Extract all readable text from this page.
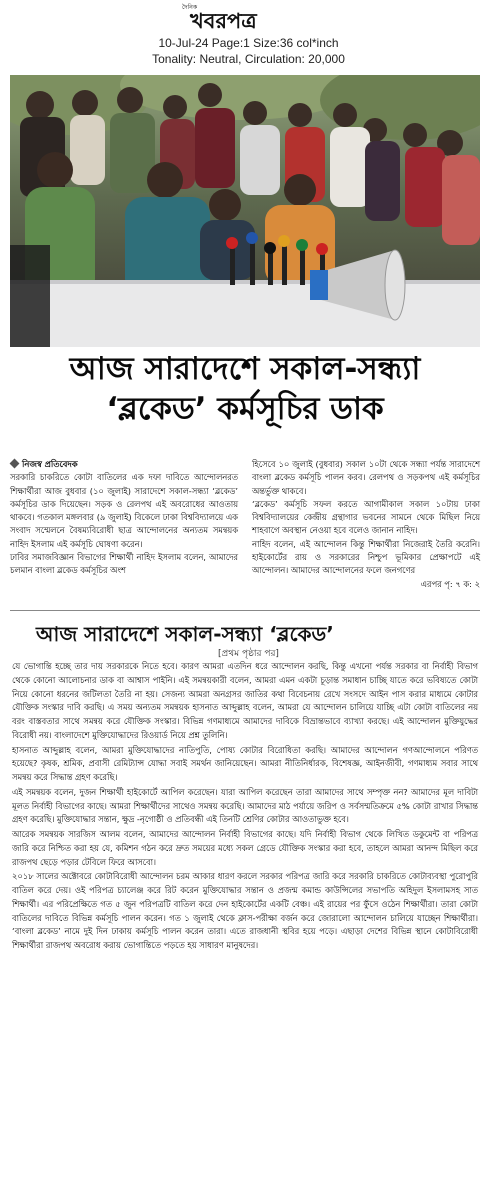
দৈনিক
খবরপত্র
10-Jul-24 Page:1 Size:36 col*inch
Tonality: Neutral, Circulation: 20,000
আজ সারাদেশে সকাল-সন্ধ্যা
‘ব্লকেড’ কর্মসূচির ডাক
নিজস্ব প্রতিবেদক
সরকারি চাকরিতে কোটা বাতিলের এক দফা দাবিতে আন্দোলনরত শিক্ষার্থীরা আজ বুধবার (১০ জুলাই) সারাদেশে সকাল-সন্ধ্যা ‘ব্লকেড’ কর্মসূচির ডাক দিয়েছেন। সড়ক ও রেলপথ এই অবরোধের আওতায় থাকবে। গতকাল মঙ্গলবার (৯ জুলাই) বিকেলে ঢাকা বিশ্ববিদ্যালয়ে এক সংবাদ সম্মেলনে বৈষম্যবিরোধী ছাত্র আন্দোলনের অন্যতম সমন্বয়ক নাহিদ ইসলাম এই কর্মসূচি ঘোষণা করেন।
ঢাবির সমাজবিজ্ঞান বিভাগের শিক্ষার্থী নাহিদ ইসলাম বলেন, আমাদের চলমান বাংলা ব্লকেড কর্মসূচির অংশ
হিসেবে ১০ জুলাই (বুধবার) সকাল ১০টা থেকে সন্ধ্যা পর্যন্ত সারাদেশে বাংলা ব্লকেড কর্মসূচি পালন করব। রেলপথ ও সড়কপথ এই কর্মসূচির অন্তর্ভুক্ত থাকবে।
‘ব্লকেড’ কর্মসূচি সফল করতে আগামীকাল সকাল ১০টায় ঢাকা বিশ্ববিদ্যালয়ের কেন্দ্রীয় গ্রন্থাগার ভবনের সামনে থেকে মিছিল নিয়ে শাহবাগে অবস্থান নেওয়া হবে বলেও জানান নাহিদ।
নাহিদ বলেন, এই আন্দোলন কিন্তু শিক্ষার্থীরা নিজেরাই তৈরি করেনি। হাইকোর্টের রায় ও সরকারের নিশ্চুপ ভূমিকার প্রেক্ষাপটে এই আন্দোলন। আমাদের আন্দোলনের ফলে জনগণের
এরপর পৃ: ৭ ক: ২
আজ সারাদেশে সকাল-সন্ধ্যা ‘ব্লকেড’
[প্রথম পৃষ্ঠার পর]

যে ভোগান্তি হচ্ছে তার দায় সরকারকে নিতে হবে। কারণ আমরা এতদিন ধরে আন্দোলন করছি, কিন্তু এখনো পর্যন্ত সরকার বা নির্বাহী বিভাগ থেকে কোনো আলোচনার ডাক বা আশ্বাস পাইনি। এই সমন্বয়কারী বলেন, আমরা এমন একটা চূড়ান্ত সমাধান চাচ্ছি যাতে করে ভবিষ্যতে কোটা নিয়ে কোনো ধরনের জটিলতা তৈরি না হয়। সেজন্য আমরা অনগ্রসর জাতির কথা বিবেচনায় রেখে সংসদে আইন পাস করার মাধ্যমে কোটার যৌক্তিক সংস্কার দাবি করছি। এ সময় অন্যতম সমন্বয়ক হাসনাত আব্দুল্লাহ বলেন, আমরা যে আন্দোলন চালিয়ে যাচ্ছি এটা কোটা বাতিলের নয় বরং বাস্তবতার সাথে সমন্বয় করে যৌক্তিক সংস্কার। বিভিন্ন গণমাধ্যমে আমাদের দাবিকে বিভ্রান্তভাবে ব্যাখ্যা করছে। এই আন্দোলন মুক্তিযুদ্ধের বিরোধী নয়। বাংলাদেশে মুক্তিযোদ্ধাদের রিওয়ার্ড নিয়ে প্রশ্ন তুলিনি।

হাসনাত আব্দুল্লাহ বলেন, আমরা মুক্তিযোদ্ধাদের নাতিপুতি, পোষ্য কোটার বিরোধিতা করছি। আমাদের আন্দোলন গণআন্দোলনে পরিণত হয়েছে? কৃষক, শ্রমিক, প্রবাসী রেমিট্যান্স যোদ্ধা সবাই সমর্থন জানিয়েছেন। আমরা নীতিনির্ধারক, বিশেষজ্ঞ, আইনজীবী, গণমাধ্যম সবার সাথে সমন্বয় করে সিদ্ধান্ত গ্রহণ করেছি।

এই সমন্বয়ক বলেন, দুজন শিক্ষার্থী হাইকোর্টে আপিল করেছেন। যারা আপিল করেছেন তারা আমাদের সাথে সম্পৃক্ত নন? আমাদের মূল দাবিটা মূলত নির্বাহী বিভাগের কাছে। আমরা শিক্ষার্থীদের সাথেও সমন্বয় করেছি। আমাদের মাঠ পর্যায়ে জরিপ ও সর্বসম্মতিক্রমে ৫% কোটা রাখার সিদ্ধান্ত গ্রহণ করেছি। মুক্তিযোদ্ধার সন্তান, ক্ষুদ্র -নৃগোষ্ঠী ও প্রতিবন্ধী এই তিনটি শ্রেণির কোটার আওতাভুক্ত হবে।

আরেক সমন্বয়ক সারজিস আলম বলেন, আমাদের আন্দোলন নির্বাহী বিভাগের কাছে। যদি নির্বাহী বিভাগ থেকে লিখিত ডকুমেন্ট বা পরিপত্র জারি করে নিশ্চিত করা হয় যে, কমিশন গঠন করে দ্রুত সময়ের মধ্যে সকল গ্রেডে যৌক্তিক সংস্কার করা হবে, তাহলে আমরা আনন্দ মিছিল করে রাজপথ ছেড়ে পড়ার টেবিলে ফিরে আসবো।

২০১৮ সালের অক্টোবরে কোটাবিরোধী আন্দোলন চরম আকার ধারণ করলে সরকার পরিপত্র জারি করে সরকারি চাকরিতে কোটাব্যবস্থা পুরোপুরি বাতিল করে দেয়। ওই পরিপত্র চ্যালেঞ্জ করে রিট করেন মুক্তিযোদ্ধার সন্তান ও প্রজন্ম কমান্ড কাউন্সিলের সভাপতি অহিদুল ইসলামসহ সাত শিক্ষার্থী। এর পরিপ্রেক্ষিতে গত ৫ জুন পরিপত্রটি বাতিল করে দেন হাইকোর্টের একটি বেঞ্চ। এই রায়ের পর ফুঁসে ওঠেন শিক্ষার্থীরা। তারা কোটা বাতিলের দাবিতে বিভিন্ন কর্মসূচি পালন করেন। গত ১ জুলাই থেকে ক্লাস-পরীক্ষা বর্জন করে জোরালো আন্দোলন চালিয়ে যাচ্ছেন শিক্ষার্থীরা। ‘বাংলা ব্লকেড’ নামে দুই দিন ঢাকায় কর্মসূচি পালন করেন তারা। এতে রাজধানী স্থবির হয়ে পড়ে। এছাড়া দেশের বিভিন্ন স্থানে কোটাবিরোধী শিক্ষার্থীরা রাজপথ অবরোধ করায় ভোগান্তিতে পড়তে হয় সাধারণ মানুষদের।
